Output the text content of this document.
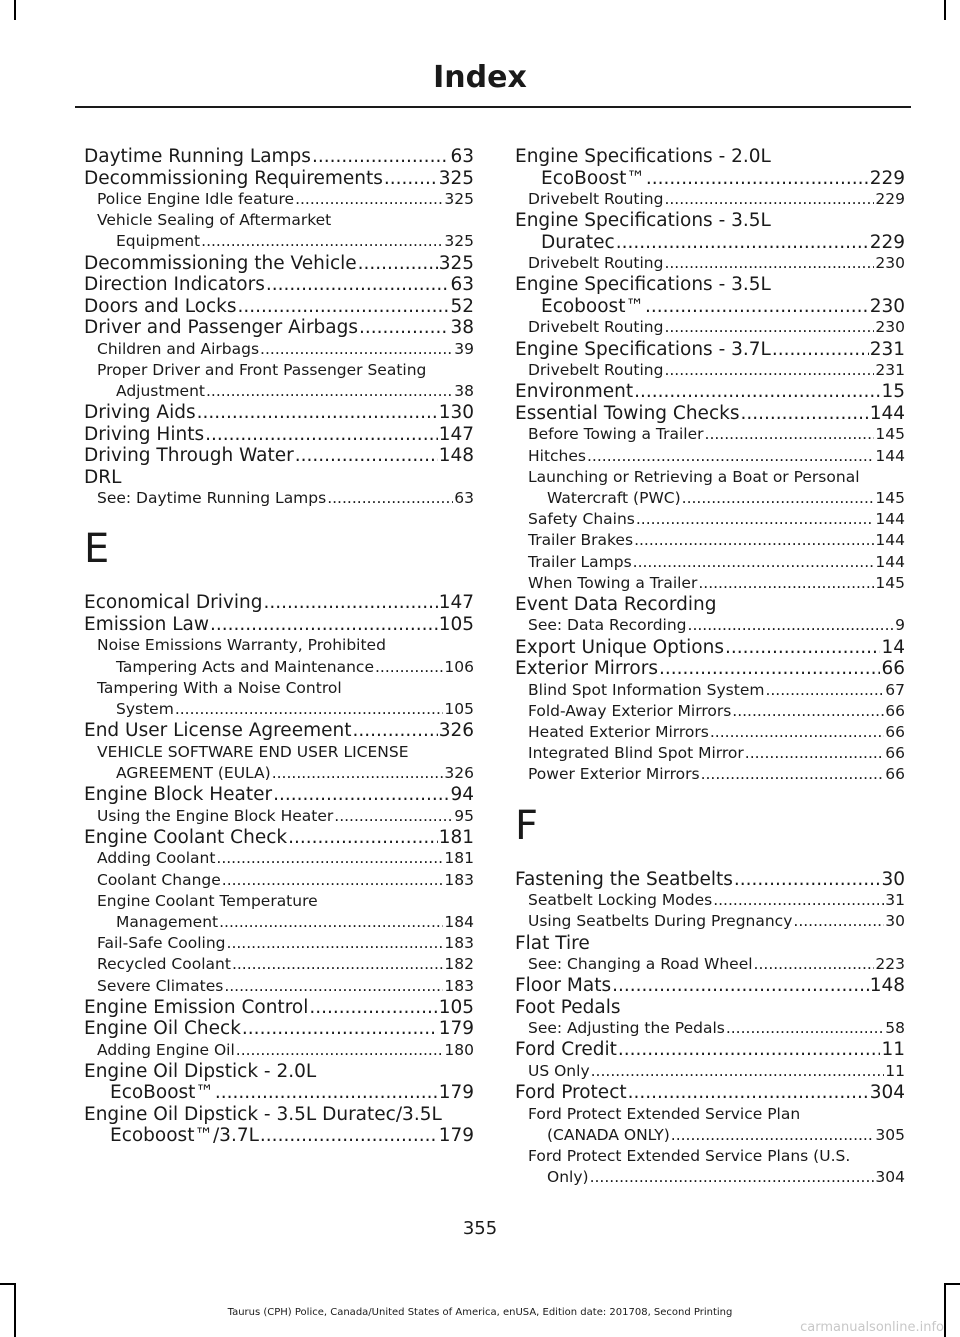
Index
Daytime Running Lamps .....	63
Decommissioning Requirements .....	325
Police Engine Idle feature .....	325
Vehicle Sealing of Aftermarket
Equipment .....	325
Decommissioning the Vehicle .....	325
Direction Indicators .....	63
Doors and Locks .....	52
Driver and Passenger Airbags .....	38
Children and Airbags .....	39
Proper Driver and Front Passenger Seating
Adjustment .....	38
Driving Aids .....	130
Driving Hints .....	147
Driving Through Water .....	148
DRL
See: Daytime Running Lamps .....	63
E
Economical Driving .....	147
Emission Law .....	105
Noise Emissions Warranty, Prohibited
Tampering Acts and Maintenance .....	106
Tampering With a Noise Control
System .....	105
End User License Agreement .....	326
VEHICLE SOFTWARE END USER LICENSE
AGREEMENT (EULA) .....	326
Engine Block Heater .....	94
Using the Engine Block Heater .....	95
Engine Coolant Check .....	181
Adding Coolant .....	181
Coolant Change .....	183
Engine Coolant Temperature
Management .....	184
Fail-Safe Cooling .....	183
Recycled Coolant .....	182
Severe Climates .....	183
Engine Emission Control .....	105
Engine Oil Check .....	179
Adding Engine Oil .....	180
Engine Oil Dipstick - 2.0L
EcoBoost™ .....	179
Engine Oil Dipstick - 3.5L Duratec/3.5L
Ecoboost™/3.7L .....	179
Engine Specifications - 2.0L
EcoBoost™ .....	229
Drivebelt Routing .....	229
Engine Specifications - 3.5L
Duratec .....	229
Drivebelt Routing .....	230
Engine Specifications - 3.5L
Ecoboost™ .....	230
Drivebelt Routing .....	230
Engine Specifications - 3.7L .....	231
Drivebelt Routing .....	231
Environment .....	15
Essential Towing Checks .....	144
Before Towing a Trailer .....	145
Hitches .....	144
Launching or Retrieving a Boat or Personal
Watercraft (PWC) .....	145
Safety Chains .....	144
Trailer Brakes .....	144
Trailer Lamps .....	144
When Towing a Trailer .....	145
Event Data Recording
See: Data Recording .....	9
Export Unique Options .....	14
Exterior Mirrors .....	66
Blind Spot Information System .....	67
Fold-Away Exterior Mirrors .....	66
Heated Exterior Mirrors .....	66
Integrated Blind Spot Mirror .....	66
Power Exterior Mirrors .....	66
F
Fastening the Seatbelts .....	30
Seatbelt Locking Modes .....	31
Using Seatbelts During Pregnancy .....	30
Flat Tire
See: Changing a Road Wheel .....	223
Floor Mats .....	148
Foot Pedals
See: Adjusting the Pedals .....	58
Ford Credit .....	11
US Only .....	11
Ford Protect .....	304
Ford Protect Extended Service Plan
(CANADA ONLY) .....	305
Ford Protect Extended Service Plans (U.S.
Only) .....	304
355
Taurus (CPH) Police, Canada/United States of America, enUSA, Edition date: 201708, Second Printing
carmanualsonline.info
